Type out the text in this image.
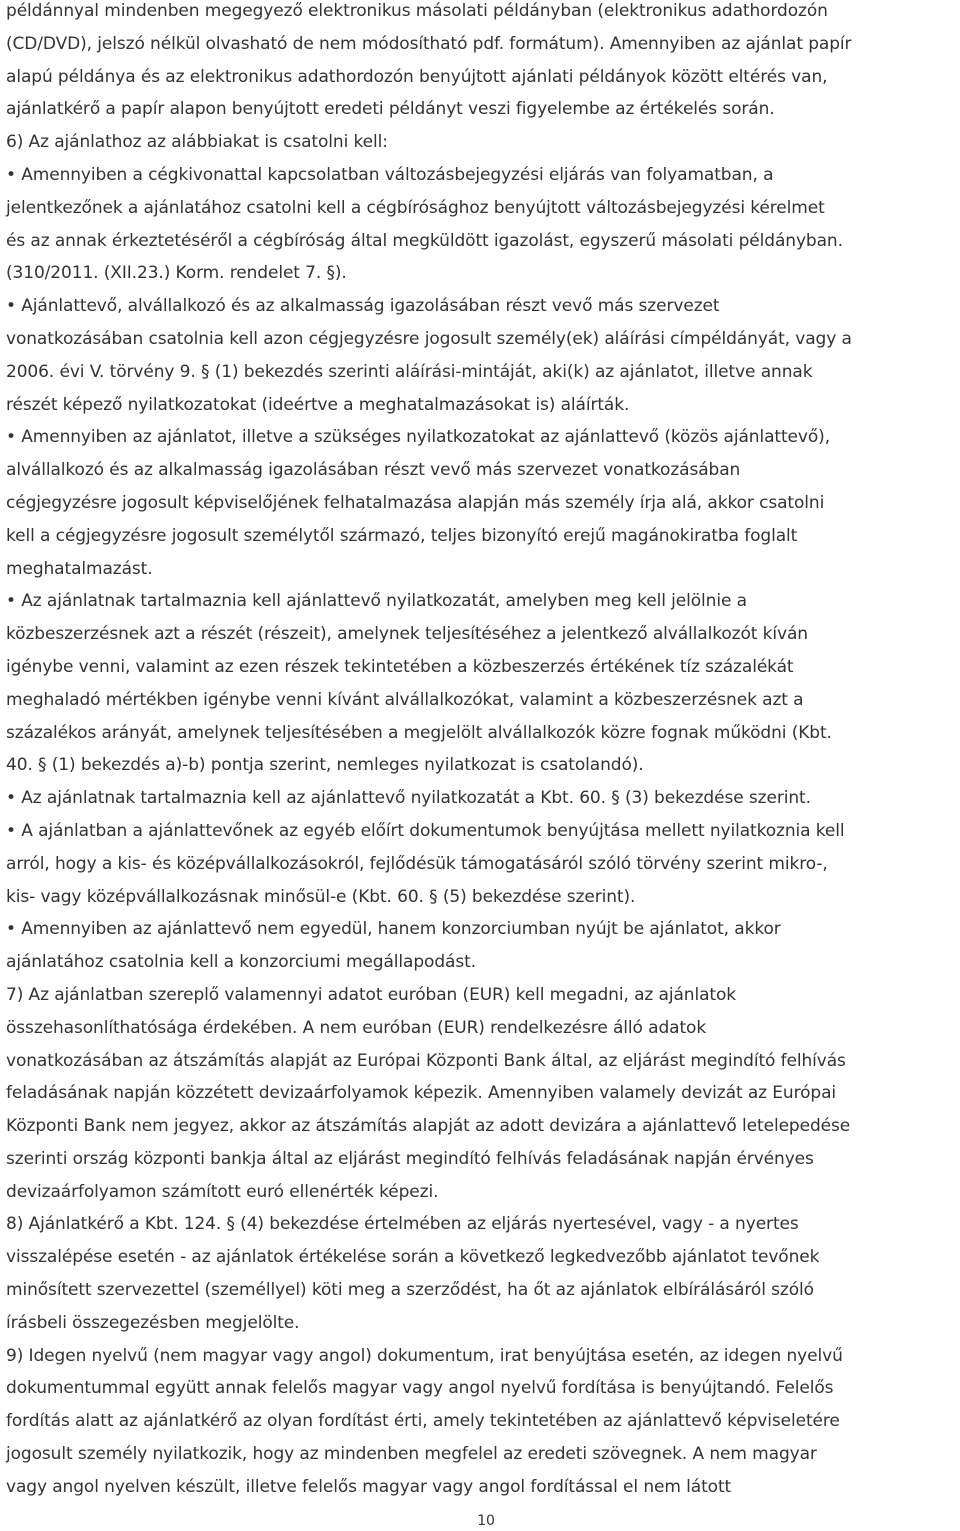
példánnyal mindenben megegyező elektronikus másolati példányban (elektronikus adathordozón
(CD/DVD), jelszó nélkül olvasható de nem módosítható pdf. formátum). Amennyiben az ajánlat papír
alapú példánya és az elektronikus adathordozón benyújtott ajánlati példányok között eltérés van,
ajánlatkérő a papír alapon benyújtott eredeti példányt veszi figyelembe az értékelés során.
6) Az ajánlathoz az alábbiakat is csatolni kell:
• Amennyiben a cégkivonattal kapcsolatban változásbejegyzési eljárás van folyamatban, a
jelentkezőnek a ajánlatához csatolni kell a cégbírósághoz benyújtott változásbejegyzési kérelmet
és az annak érkeztetéséről a cégbíróság által megküldött igazolást, egyszerű másolati példányban.
(310/2011. (XII.23.) Korm. rendelet 7. §).
• Ajánlattevő, alvállalkozó és az alkalmasság igazolásában részt vevő más szervezet
vonatkozásában csatolnia kell azon cégjegyzésre jogosult személy(ek) aláírási címpéldányát, vagy a
2006. évi V. törvény 9. § (1) bekezdés szerinti aláírási-mintáját, aki(k) az ajánlatot, illetve annak
részét képező nyilatkozatokat (ideértve a meghatalmazásokat is) aláírták.
• Amennyiben az ajánlatot, illetve a szükséges nyilatkozatokat az ajánlattevő (közös ajánlattevő),
alvállalkozó és az alkalmasság igazolásában részt vevő más szervezet vonatkozásában
cégjegyzésre jogosult képviselőjének felhatalmazása alapján más személy írja alá, akkor csatolni
kell a cégjegyzésre jogosult személytől származó, teljes bizonyító erejű magánokiratba foglalt
meghatalmazást.
• Az ajánlatnak tartalmaznia kell ajánlattevő nyilatkozatát, amelyben meg kell jelölnie a
közbeszerzésnek azt a részét (részeit), amelynek teljesítéséhez a jelentkező alvállalkozót kíván
igénybe venni, valamint az ezen részek tekintetében a közbeszerzés értékének tíz százalékát
meghaladó mértékben igénybe venni kívánt alvállalkozókat, valamint a közbeszerzésnek azt a
százalékos arányát, amelynek teljesítésében a megjelölt alvállalkozók közre fognak működni (Kbt.
40. § (1) bekezdés a)-b) pontja szerint, nemleges nyilatkozat is csatolandó).
• Az ajánlatnak tartalmaznia kell az ajánlattevő nyilatkozatát a Kbt. 60. § (3) bekezdése szerint.
• A ajánlatban a ajánlattevőnek az egyéb előírt dokumentumok benyújtása mellett nyilatkoznia kell
arról, hogy a kis- és középvállalkozásokról, fejlődésük támogatásáról szóló törvény szerint mikro-,
kis- vagy középvállalkozásnak minősül-e (Kbt. 60. § (5) bekezdése szerint).
• Amennyiben az ajánlattevő nem egyedül, hanem konzorciumban nyújt be ajánlatot, akkor
ajánlatához csatolnia kell a konzorciumi megállapodást.
7) Az ajánlatban szereplő valamennyi adatot euróban (EUR) kell megadni, az ajánlatok
összehasonlíthatósága érdekében. A nem euróban (EUR) rendelkezésre álló adatok
vonatkozásában az átszámítás alapját az Európai Központi Bank által, az eljárást megindító felhívás
feladásának napján közzétett devizaárfolyamok képezik. Amennyiben valamely devizát az Európai
Központi Bank nem jegyez, akkor az átszámítás alapját az adott devizára a ajánlattevő letelepedése
szerinti ország központi bankja által az eljárást megindító felhívás feladásának napján érvényes
devizaárfolyamon számított euró ellenérték képezi.
8) Ajánlatkérő a Kbt. 124. § (4) bekezdése értelmében az eljárás nyertesével, vagy - a nyertes
visszalépése esetén - az ajánlatok értékelése során a következő legkedvezőbb ajánlatot tevőnek
minősített szervezettel (személlyel) köti meg a szerződést, ha őt az ajánlatok elbírálásáról szóló
írásbeli összegezésben megjelölte.
9) Idegen nyelvű (nem magyar vagy angol) dokumentum, irat benyújtása esetén, az idegen nyelvű
dokumentummal együtt annak felelős magyar vagy angol nyelvű fordítása is benyújtandó. Felelős
fordítás alatt az ajánlatkérő az olyan fordítást érti, amely tekintetében az ajánlattevő képviseletére
jogosult személy nyilatkozik, hogy az mindenben megfelel az eredeti szövegnek. A nem magyar
vagy angol nyelven készült, illetve felelős magyar vagy angol fordítással el nem látott
10
